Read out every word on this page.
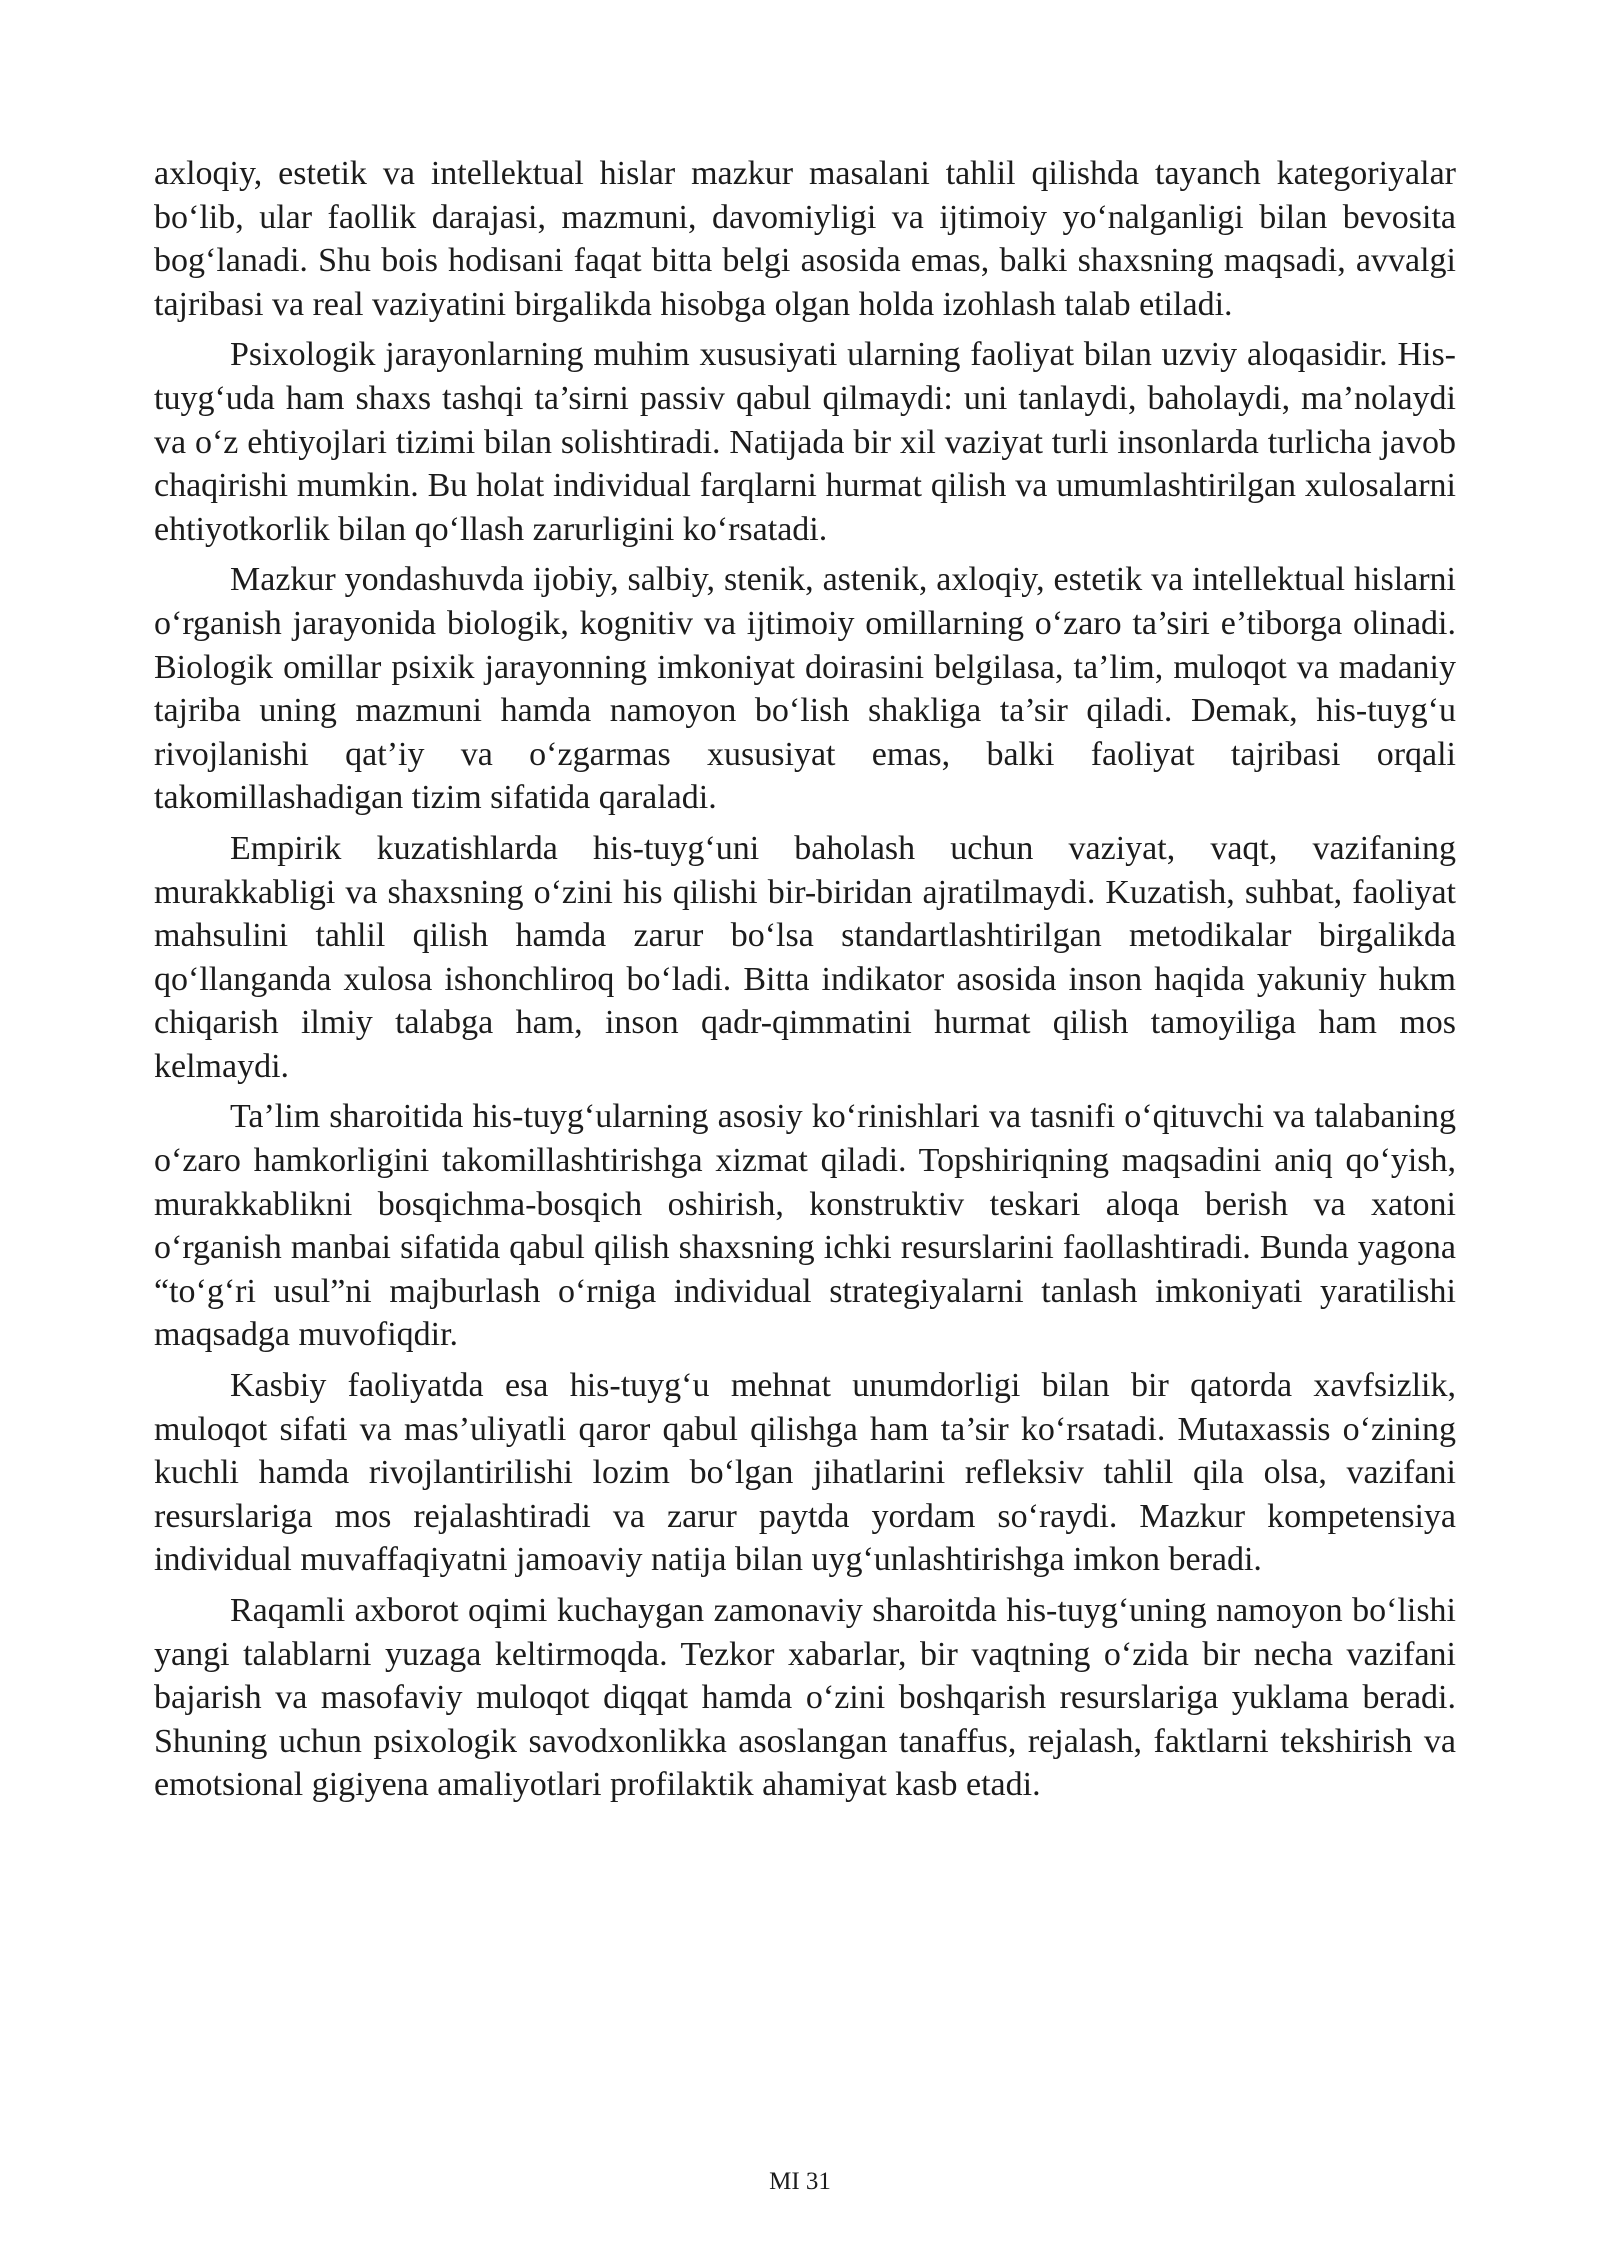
axloqiy, estetik va intellektual hislar mazkur masalani tahlil qilishda tayanch kategoriyalar bo‘lib, ular faollik darajasi, mazmuni, davomiyligi va ijtimoiy yo‘nalganligi bilan bevosita bog‘lanadi. Shu bois hodisani faqat bitta belgi asosida emas, balki shaxsning maqsadi, avvalgi tajribasi va real vaziyatini birgalikda hisobga olgan holda izohlash talab etiladi.

Psixologik jarayonlarning muhim xususiyati ularning faoliyat bilan uzviy aloqasidir. His-tuyg‘uda ham shaxs tashqi ta’sirni passiv qabul qilmaydi: uni tanlaydi, baholaydi, ma’nolaydi va o‘z ehtiyojlari tizimi bilan solishtiradi. Natijada bir xil vaziyat turli insonlarda turlicha javob chaqirishi mumkin. Bu holat individual farqlarni hurmat qilish va umumlashtirilgan xulosalarni ehtiyotkorlik bilan qo‘llash zarurligini ko‘rsatadi.

Mazkur yondashuvda ijobiy, salbiy, stenik, astenik, axloqiy, estetik va intellektual hislarni o‘rganish jarayonida biologik, kognitiv va ijtimoiy omillarning o‘zaro ta’siri e’tiborga olinadi. Biologik omillar psixik jarayonning imkoniyat doirasini belgilasa, ta’lim, muloqot va madaniy tajriba uning mazmuni hamda namoyon bo‘lish shakliga ta’sir qiladi. Demak, his-tuyg‘u rivojlanishi qat’iy va o‘zgarmas xususiyat emas, balki faoliyat tajribasi orqali takomillashadigan tizim sifatida qaraladi.

Empirik kuzatishlarda his-tuyg‘uni baholash uchun vaziyat, vaqt, vazifaning murakkabligi va shaxsning o‘zini his qilishi bir-biridan ajratilmaydi. Kuzatish, suhbat, faoliyat mahsulini tahlil qilish hamda zarur bo‘lsa standartlashtirilgan metodikalar birgalikda qo‘llanganda xulosa ishonchliroq bo‘ladi. Bitta indikator asosida inson haqida yakuniy hukm chiqarish ilmiy talabga ham, inson qadr-qimmatini hurmat qilish tamoyiliga ham mos kelmaydi.

Ta’lim sharoitida his-tuyg‘ularning asosiy ko‘rinishlari va tasnifi o‘qituvchi va talabaning o‘zaro hamkorligini takomillashtirishga xizmat qiladi. Topshiriqning maqsadini aniq qo‘yish, murakkablikni bosqichma-bosqich oshirish, konstruktiv teskari aloqa berish va xatoni o‘rganish manbai sifatida qabul qilish shaxsning ichki resurslarini faollashtiradi. Bunda yagona “to‘g‘ri usul”ni majburlash o‘rniga individual strategiyalarni tanlash imkoniyati yaratilishi maqsadga muvofiqdir.

Kasbiy faoliyatda esa his-tuyg‘u mehnat unumdorligi bilan bir qatorda xavfsizlik, muloqot sifati va mas’uliyatli qaror qabul qilishga ham ta’sir ko‘rsatadi. Mutaxassis o‘zining kuchli hamda rivojlantirilishi lozim bo‘lgan jihatlarini refleksiv tahlil qila olsa, vazifani resurslariga mos rejalashtiradi va zarur paytda yordam so‘raydi. Mazkur kompetensiya individual muvaffaqiyatni jamoaviy natija bilan uyg‘unlashtirishga imkon beradi.

Raqamli axborot oqimi kuchaygan zamonaviy sharoitda his-tuyg‘uning namoyon bo‘lishi yangi talablarni yuzaga keltirmoqda. Tezkor xabarlar, bir vaqtning o‘zida bir necha vazifani bajarish va masofaviy muloqot diqqat hamda o‘zini boshqarish resurslariga yuklama beradi. Shuning uchun psixologik savodxonlikka asoslangan tanaffus, rejalash, faktlarni tekshirish va emotsional gigiyena amaliyotlari profilaktik ahamiyat kasb etadi.

MI 31
